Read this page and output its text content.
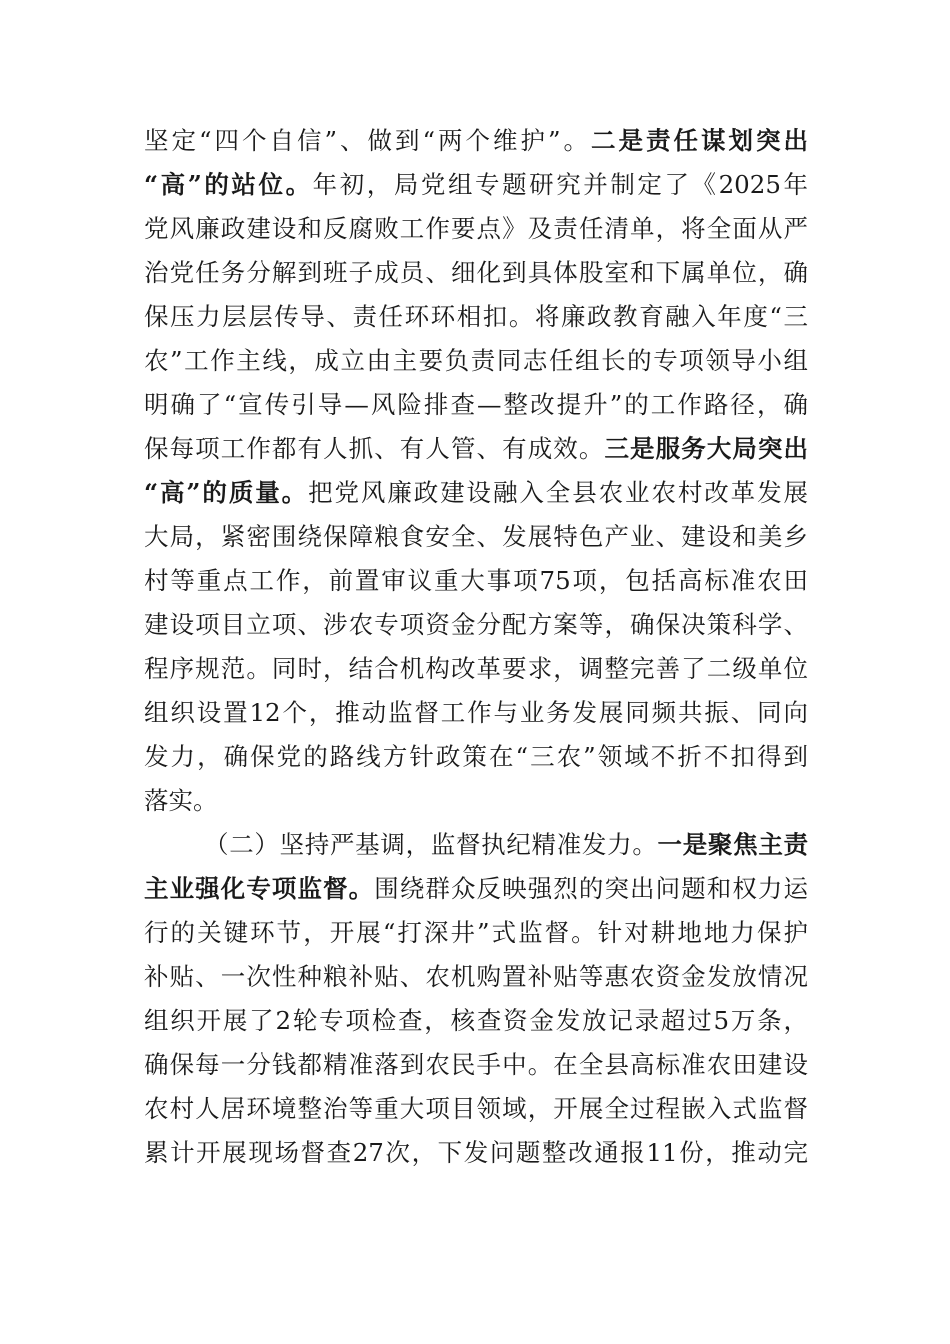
坚定“四个自信”、做到“两个维护”。二是责任谋划突出
“高”的站位。年初，局党组专题研究并制定了《2025年
党风廉政建设和反腐败工作要点》及责任清单，将全面从严
治党任务分解到班子成员、细化到具体股室和下属单位，确
保压力层层传导、责任环环相扣。将廉政教育融入年度“三
农”工作主线，成立由主要负责同志任组长的专项领导小组
明确了“宣传引导—风险排查—整改提升”的工作路径，确
保每项工作都有人抓、有人管、有成效。三是服务大局突出
“高”的质量。把党风廉政建设融入全县农业农村改革发展
大局，紧密围绕保障粮食安全、发展特色产业、建设和美乡
村等重点工作，前置审议重大事项75项，包括高标准农田
建设项目立项、涉农专项资金分配方案等，确保决策科学、
程序规范。同时，结合机构改革要求，调整完善了二级单位
组织设置12个，推动监督工作与业务发展同频共振、同向
发力，确保党的路线方针政策在“三农”领域不折不扣得到
落实。
（二）坚持严基调，监督执纪精准发力。一是聚焦主责
主业强化专项监督。围绕群众反映强烈的突出问题和权力运
行的关键环节，开展“打深井”式监督。针对耕地地力保护
补贴、一次性种粮补贴、农机购置补贴等惠农资金发放情况
组织开展了2轮专项检查，核查资金发放记录超过5万条，
确保每一分钱都精准落到农民手中。在全县高标准农田建设
农村人居环境整治等重大项目领域，开展全过程嵌入式监督
累计开展现场督查27次，下发问题整改通报11份，推动完
